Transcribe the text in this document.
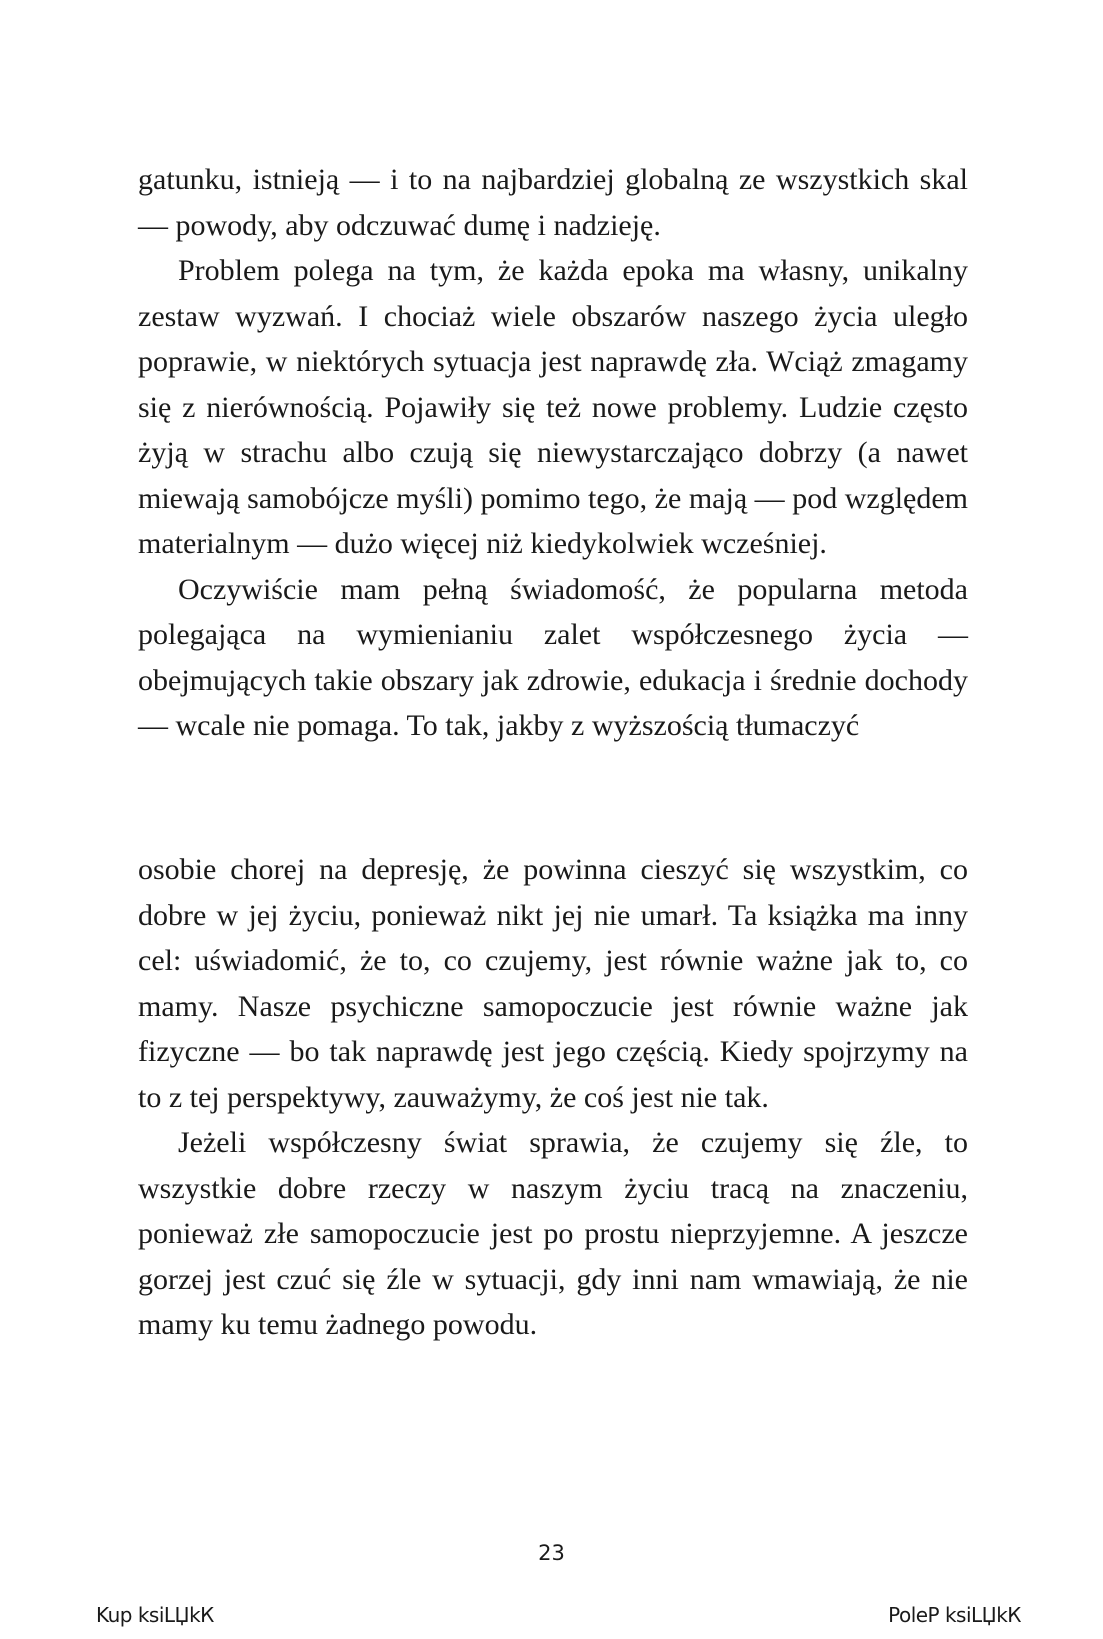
gatunku, istnieją — i to na najbardziej globalną ze wszystkich skal — powody, aby odczuwać dumę i nadzieję.

Problem polega na tym, że każda epoka ma własny, unikalny zestaw wyzwań. I chociaż wiele obszarów naszego życia uległo poprawie, w niektórych sytuacja jest naprawdę zła. Wciąż zmagamy się z nierównością. Pojawiły się też nowe problemy. Ludzie często żyją w strachu albo czują się niewystarczająco dobrzy (a nawet miewają samobójcze myśli) pomimo tego, że mają — pod względem materialnym — dużo więcej niż kiedykolwiek wcześniej.

Oczywiście mam pełną świadomość, że popularna metoda polegająca na wymienianiu zalet współczesnego życia — obejmujących takie obszary jak zdrowie, edukacja i średnie dochody — wcale nie pomaga. To tak, jakby z wyższością tłumaczyć

osobie chorej na depresję, że powinna cieszyć się wszystkim, co dobre w jej życiu, ponieważ nikt jej nie umarł. Ta książka ma inny cel: uświadomić, że to, co czujemy, jest równie ważne jak to, co mamy. Nasze psychiczne samopoczucie jest równie ważne jak fizyczne — bo tak naprawdę jest jego częścią. Kiedy spojrzymy na to z tej perspektywy, zauważymy, że coś jest nie tak.

Jeżeli współczesny świat sprawia, że czujemy się źle, to wszystkie dobre rzeczy w naszym życiu tracą na znaczeniu, ponieważ złe samopoczucie jest po prostu nieprzyjemne. A jeszcze gorzej jest czuć się źle w sytuacji, gdy inni nam wmawiają, że nie mamy ku temu żadnego powodu.

23
Kup ksiLЏkК	PoleР ksiLЏkК
